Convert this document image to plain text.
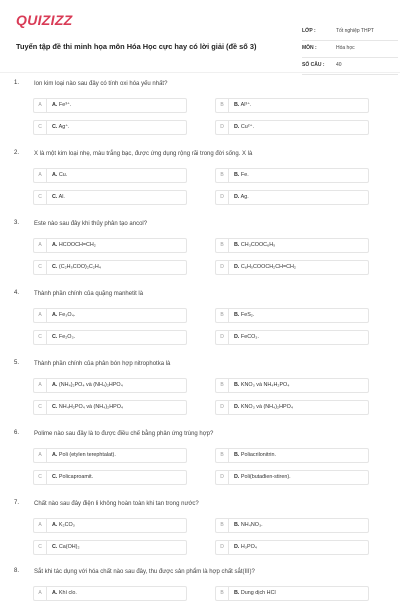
QUIZIZZ
Tuyển tập đề thi minh họa môn Hóa Học cực hay có lời giải (đề số 3)
LỚP :	Tốt nghiệp THPT
MÔN :	Hóa học
SỐ CÂU : 40
1. Ion kim loại nào sau đây có tính oxi hóa yếu nhất?
A	A. Fe³⁺.	B	B. Al³⁺.
C	C. Ag⁺.	D	D. Cu²⁺.
2. X là một kim loại nhẹ, màu trắng bạc, được ứng dụng rộng rãi trong đời sống. X là
A	A. Cu.	B	B. Fe.
C	C. Al.	D	D. Ag.
3. Este nào sau đây khi thủy phân tạo ancol?
A	A. HCOOCH=CH₂	B	B. CH₃COOC₆H₅
C	C. (C₂H₅COO)₂C₂H₄	D	D. C₆H₅COOCH₂CH=CH₂
4. Thành phần chính của quặng manhetit là
A	A. Fe₃O₄.	B	B. FeS₂.
C	C. Fe₂O₃.	D	D. FeCO₃.
5. Thành phần chính của phân bón hợp nitrophotka là
A	A. (NH₄)₂PO₄ và (NH₄)₂HPO₄	B	B. KNO₃ và NH₄H₂PO₄
C	C. NH₄H₂PO₄ và (NH₄)₂HPO₄	D	D. KNO₃ và (NH₄)₂HPO₄
6. Polime nào sau đây là to được điều chế bằng phản ứng trùng hợp?
A	A. Poli (etylen terephtalat).	B	B. Poliacrilonitrin.
C	C. Policaproamit.	D	D. Poli(butađien-stiren).
7. Chất nào sau đây điện li không hoàn toàn khi tan trong nước?
A	A. K₂CO₃	B	B. NH₄NO₃.
C	C. Ca(OH)₂	D	D. H₃PO₄
8. Sắt khi tác dụng với hóa chất nào sau đây, thu được sản phẩm là hợp chất sắt(III)?
A	A. Khí clo.	B	B. Dung dịch HCl
